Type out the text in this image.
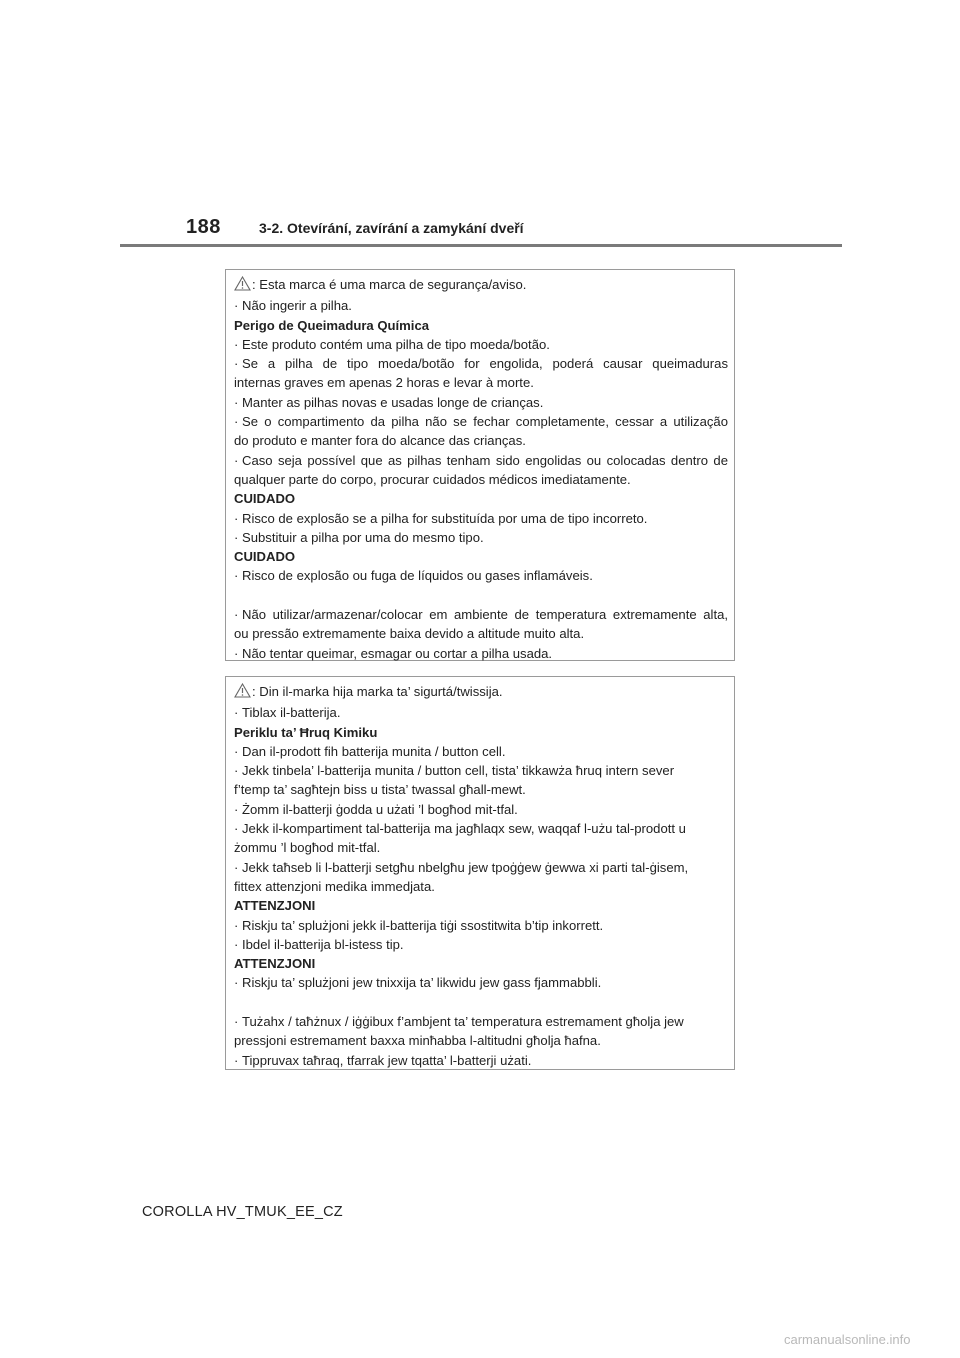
188	3-2. Otevírání, zavírání a zamykání dveří

: Esta marca é uma marca de segurança/aviso.

· Não ingerir a pilha.

Perigo de Queimadura Química

· Este produto contém uma pilha de tipo moeda/botão.

· Se a pilha de tipo moeda/botão for engolida, poderá causar queimaduras

internas graves em apenas 2 horas e levar à morte.

· Manter as pilhas novas e usadas longe de crianças.

· Se o compartimento da pilha não se fechar completamente, cessar a utilização

do produto e manter fora do alcance das crianças.

· Caso seja possível que as pilhas tenham sido engolidas ou colocadas dentro de

qualquer parte do corpo, procurar cuidados médicos imediatamente.

CUIDADO

· Risco de explosão se a pilha for substituída por uma de tipo incorreto.

· Substituir a pilha por uma do mesmo tipo.

CUIDADO

· Risco de explosão ou fuga de líquidos ou gases inflamáveis.

· Não utilizar/armazenar/colocar em ambiente de temperatura extremamente alta,

ou pressão extremamente baixa devido a altitude muito alta.

· Não tentar queimar, esmagar ou cortar a pilha usada.

: Din il-marka hija marka ta’ sigurtá/twissija.

· Tiblax il-batterija.

Periklu ta’ Ħruq Kimiku

· Dan il-prodott fih batterija munita / button cell.

· Jekk tinbela’ l-batterija munita / button cell, tista’ tikkawża ħruq intern sever

f’temp ta’ sagħtejn biss u tista’ twassal għall-mewt.

· Żomm il-batterji ġodda u użati ’l bogħod mit-tfal.

· Jekk il-kompartiment tal-batterija ma jagħlaqx sew, waqqaf l-użu tal-prodott u

żommu ’l bogħod mit-tfal.

· Jekk taħseb li l-batterji setgħu nbelgħu jew tpoġġew ġewwa xi parti tal-ġisem,

fittex attenzjoni medika immedjata.

ATTENZJONI

· Riskju ta’ splużjoni jekk il-batterija tiġi ssostitwita b’tip inkorrett.

· Ibdel il-batterija bl-istess tip.

ATTENZJONI

· Riskju ta’ splużjoni jew tnixxija ta’ likwidu jew gass fjammabbli.

· Tużahx / taħżnux / iġġibux f’ambjent ta’ temperatura estremament għolja jew

pressjoni estremament baxxa minħabba l-altitudni għolja ħafna.

· Tippruvax taħraq, tfarrak jew tqatta’ l-batterji użati.

COROLLA HV_TMUK_EE_CZ
carmanualsonline.info
